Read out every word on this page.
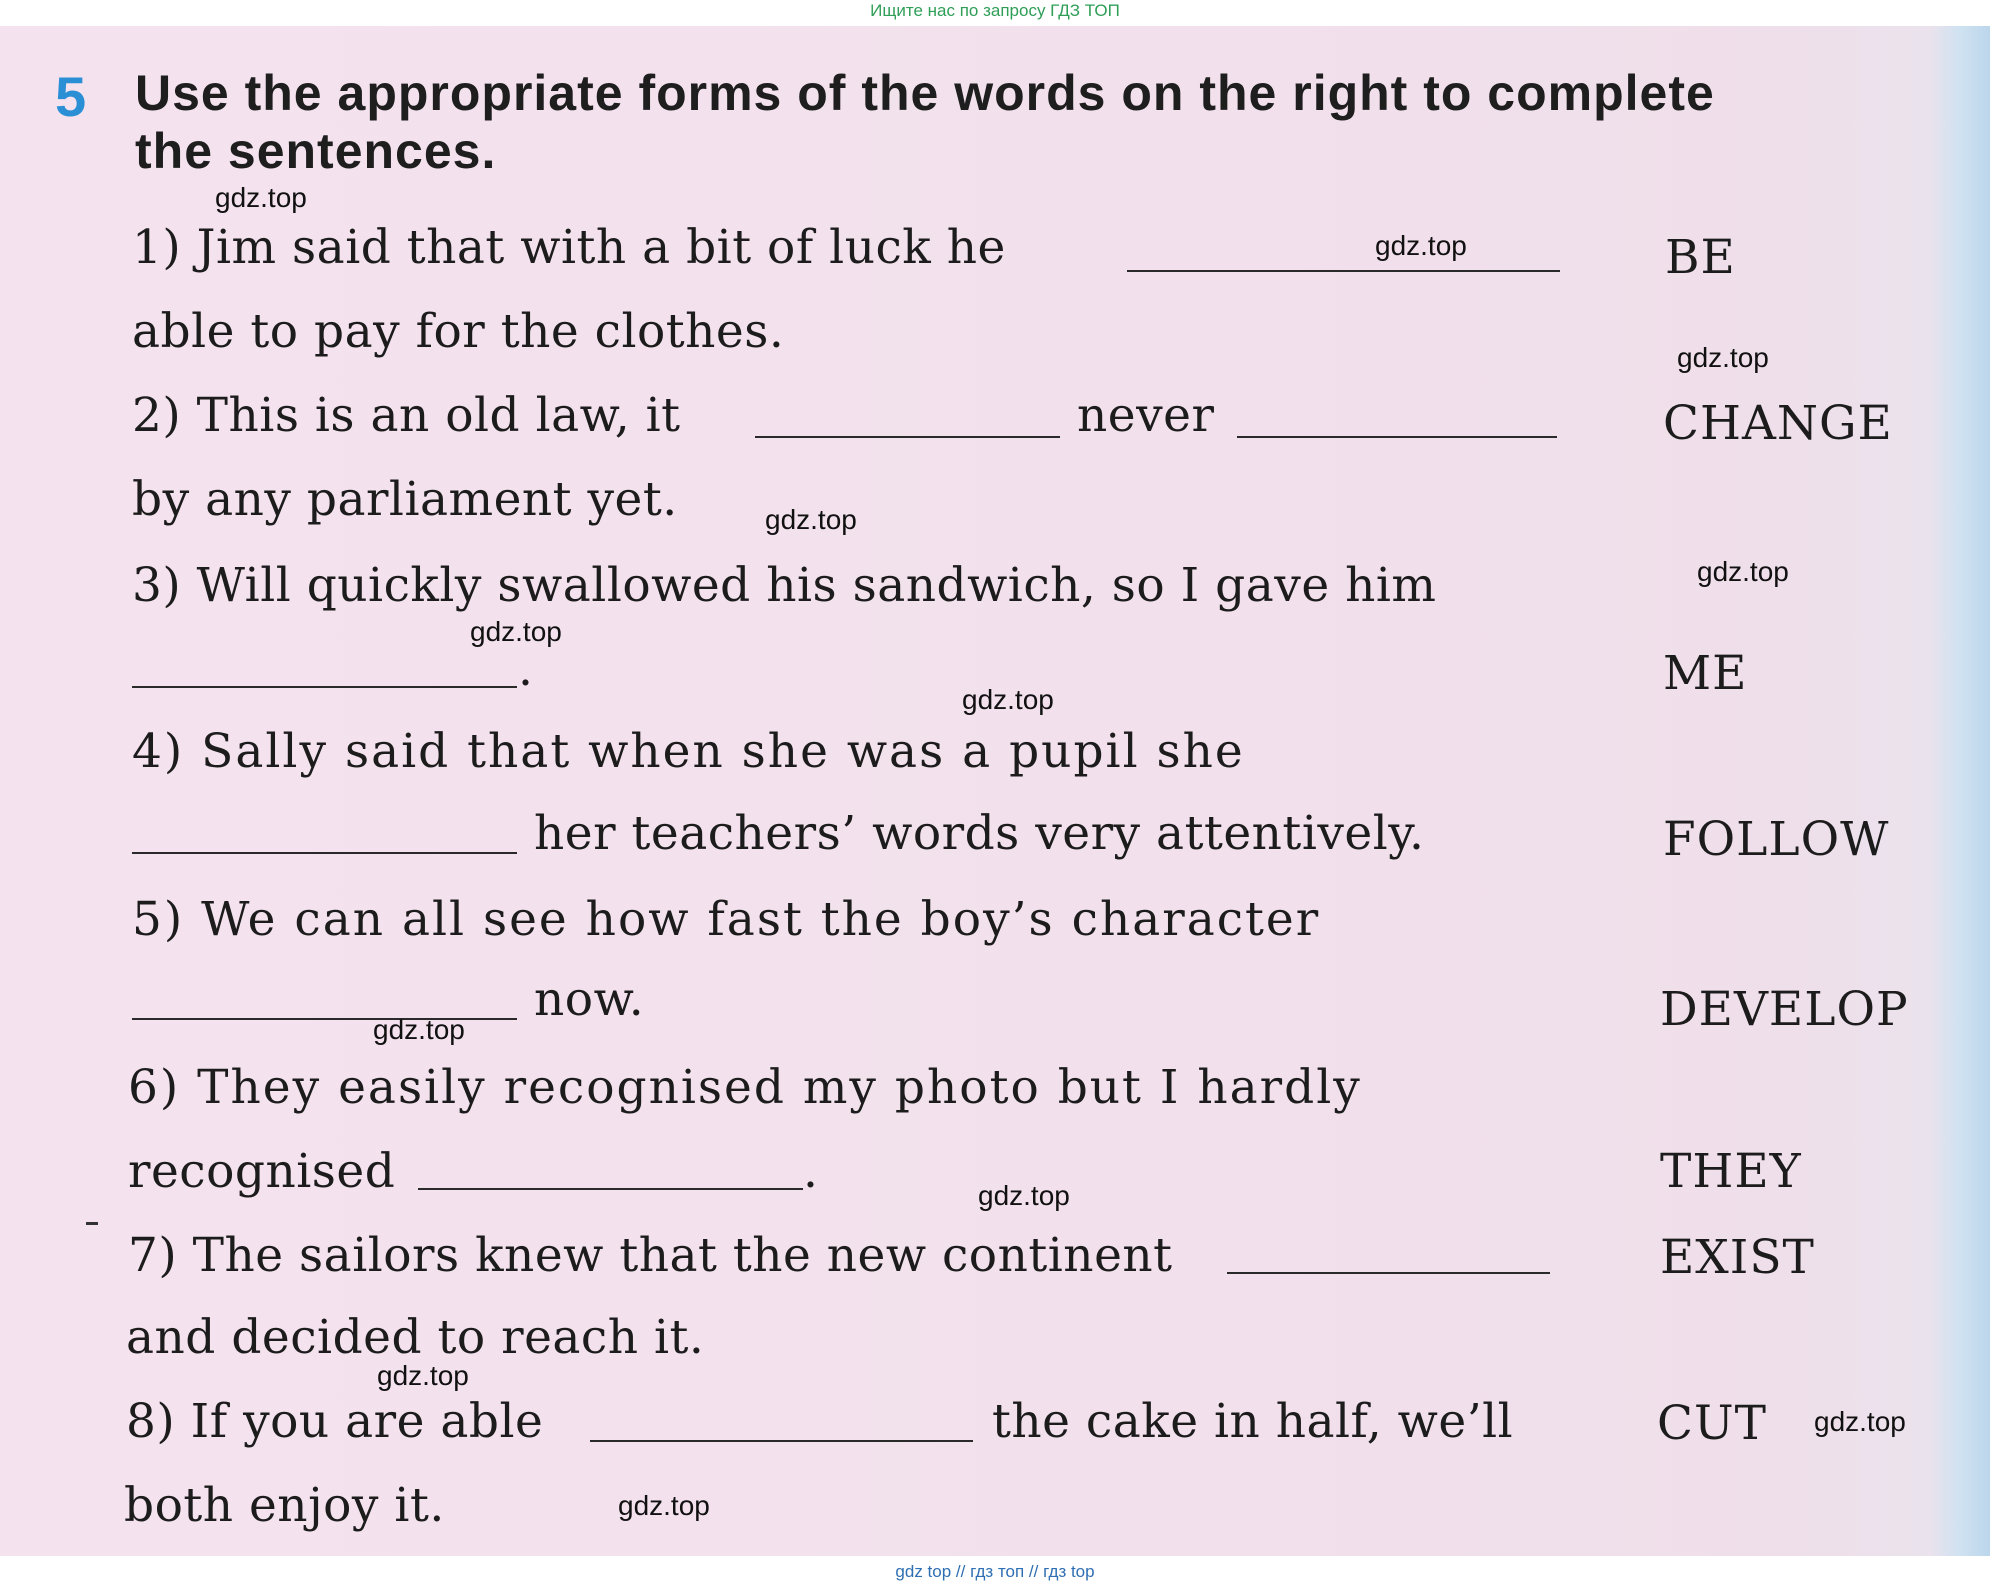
Ищите нас по запросу ГДЗ ТОП
5 Use the appropriate forms of the words on the right to complete
the sentences.
1) Jim said that with a bit of luck he
able to pay for the clothes.
BE
2) This is an old law, it	never
by any parliament yet.
CHANGE
3) Will quickly swallowed his sandwich, so I gave him
.	ME
4) Sally said that when she was a pupil she
her teachers’ words very attentively.	FOLLOW
5) We can all see how fast the boy’s character
now.	DEVELOP
6) They easily recognised my photo but I hardly
recognised	.	THEY
7) The sailors knew that the new continent
and decided to reach it.
EXIST
8) If you are able	the cake in half, we’ll
both enjoy it.
CUT
gdz.top
gdz.top
gdz.top
gdz.top
gdz.top
gdz.top
gdz.top
gdz.top
gdz.top
gdz.top
gdz.top
gdz.top
gdz top // гдз топ // гдз top
